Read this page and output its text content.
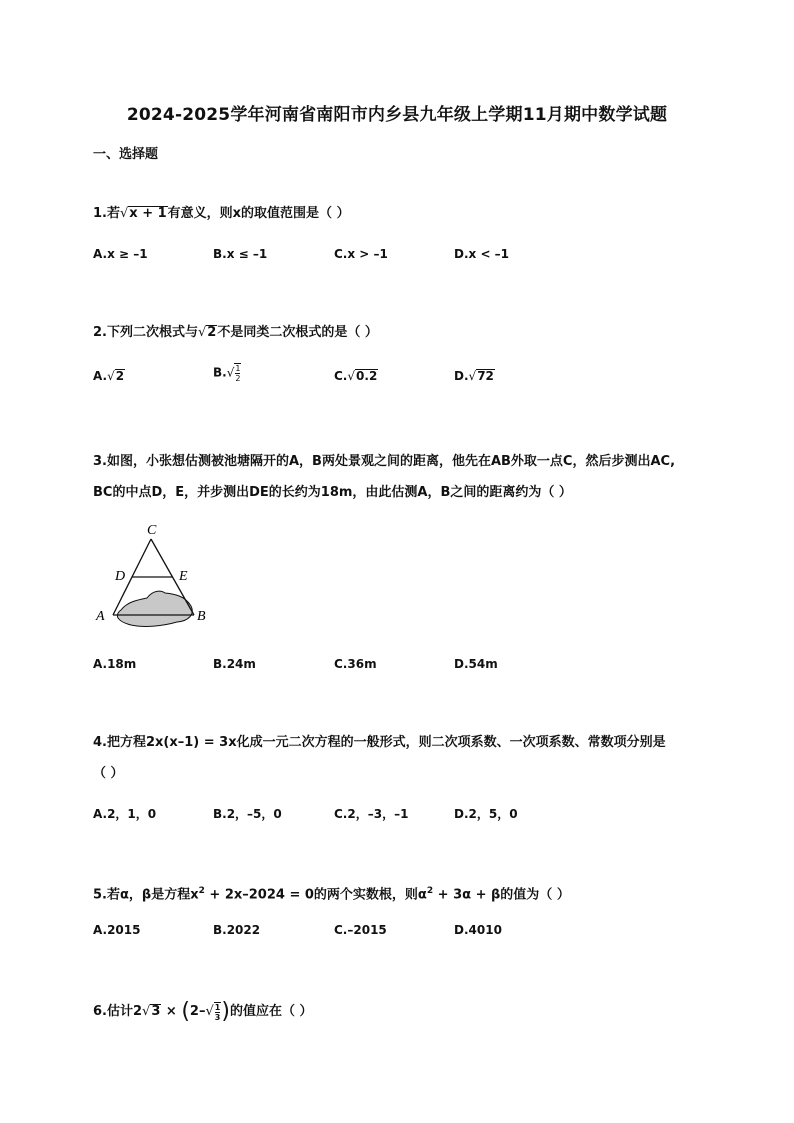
2024-2025学年河南省南阳市内乡县九年级上学期11月期中数学试题
一、选择题
1.若√x + 1有意义，则x的取值范围是（ ）
A.x ≥ –1	B.x ≤ –1	C.x > –1	D.x < –1
2.下列二次根式与√2不是同类二次根式的是（ ）
A.√2	$B.√ \frac{1}{2}$	C.√0.2	D.√72
3.如图，小张想估测被池塘隔开的A，B两处景观之间的距离，他先在AB外取一点C，然后步测出AC,
BC的中点D，E，并步测出DE的长约为18m，由此估测A，B之间的距离约为（ ）
C
D	E
A	B
A.18m	B.24m	C.36m	D.54m
4.把方程2x(x–1) = 3x化成一元二次方程的一般形式，则二次项系数、一次项系数、常数项分别是
（ ）
A.2，1，0	B.2，–5，0	C.2，–3，–1	D.2，5，0
5.若α，β是方程$x^2 + 2x-2024 = 0$的两个实数根，则$\alpha^2 + 3\alpha + \beta$的值为（ ）
A.2015	B.2022	C.–2015	D.4010
6.估计$2√3 \times (2-√ \frac{1}{3}$ )的值应在（ ）
